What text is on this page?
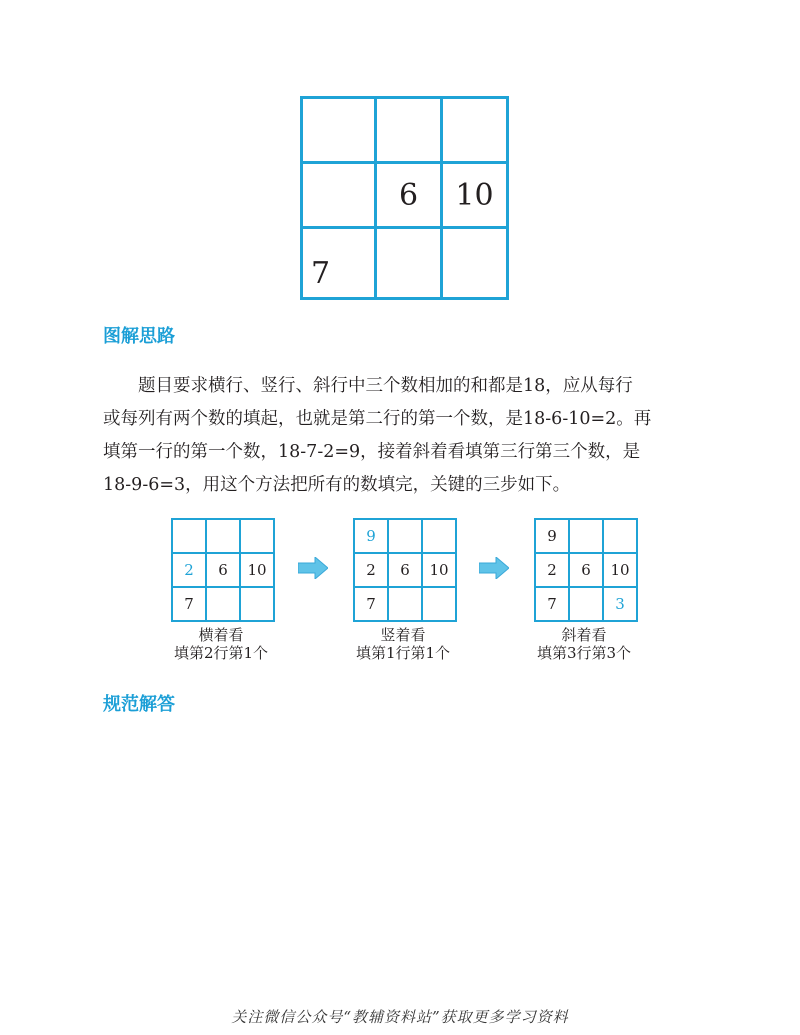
	6	10
7		
图解思路

题目要求横行、竖行、斜行中三个数相加的和都是18，应从每行

或每列有两个数的填起，也就是第二行的第一个数，是18-6-10=2。再

填第一行的第一个数，18-7-2=9，接着斜着看填第三行第三个数，是

18-9-6=3，用这个方法把所有的数填完，关键的三步如下。

2	6	10
7		
横着看
填第2行第1个
9		
2	6	10
7		
竖着看
填第1行第1个
9		
2	6	10
7		3
斜着看
填第3行第3个
规范解答
关注微信公众号“教辅资料站”获取更多学习资料
